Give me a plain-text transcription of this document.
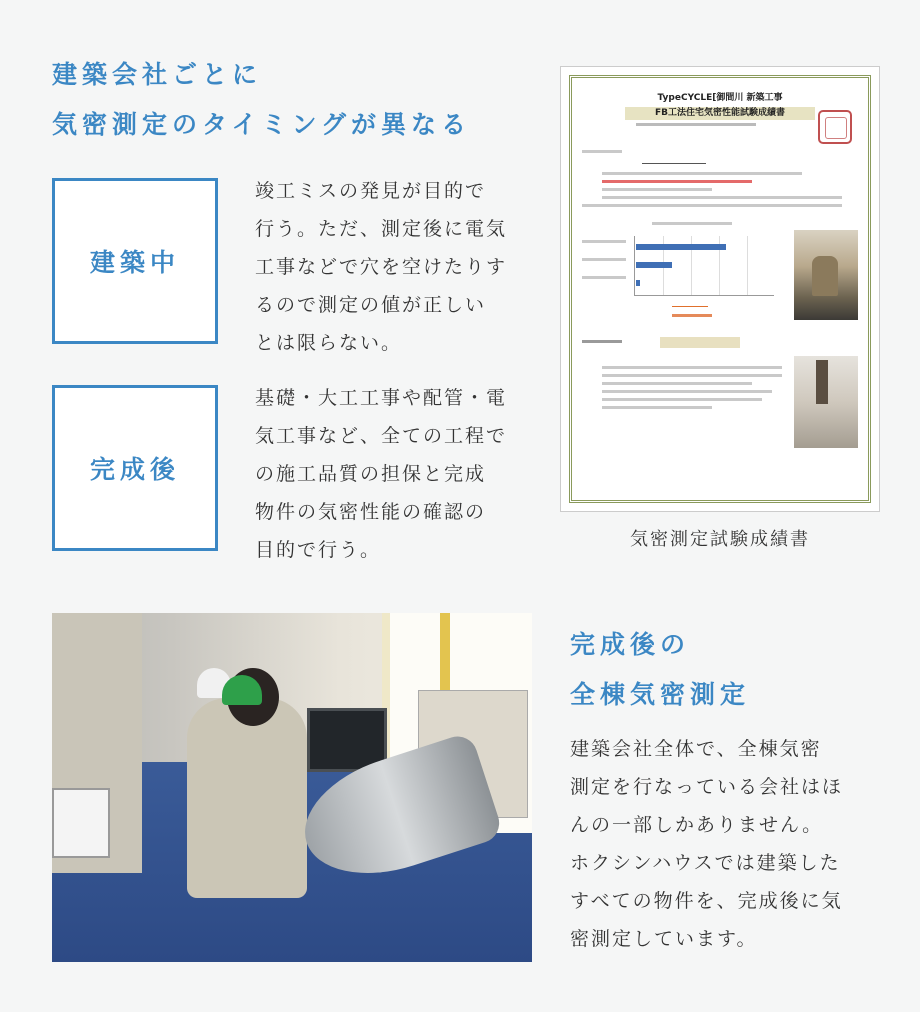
建築会社ごとに
気密測定のタイミングが異なる
建築中
竣工ミスの発見が目的で
行う。ただ、測定後に電気
工事などで穴を空けたりす
るので測定の値が正しい
とは限らない。
完成後
基礎・大工工事や配管・電
気工事など、全ての工程で
の施工品質の担保と完成
物件の気密性能の確認の
目的で行う。
TypeCYCLE[御間川 新築工事
FB工法住宅気密性能試験成績書
気密測定試験成績書
完成後の
全棟気密測定
建築会社全体で、全棟気密
測定を行なっている会社はほ
んの一部しかありません。
ホクシンハウスでは建築した
すべての物件を、完成後に気
密測定しています。
